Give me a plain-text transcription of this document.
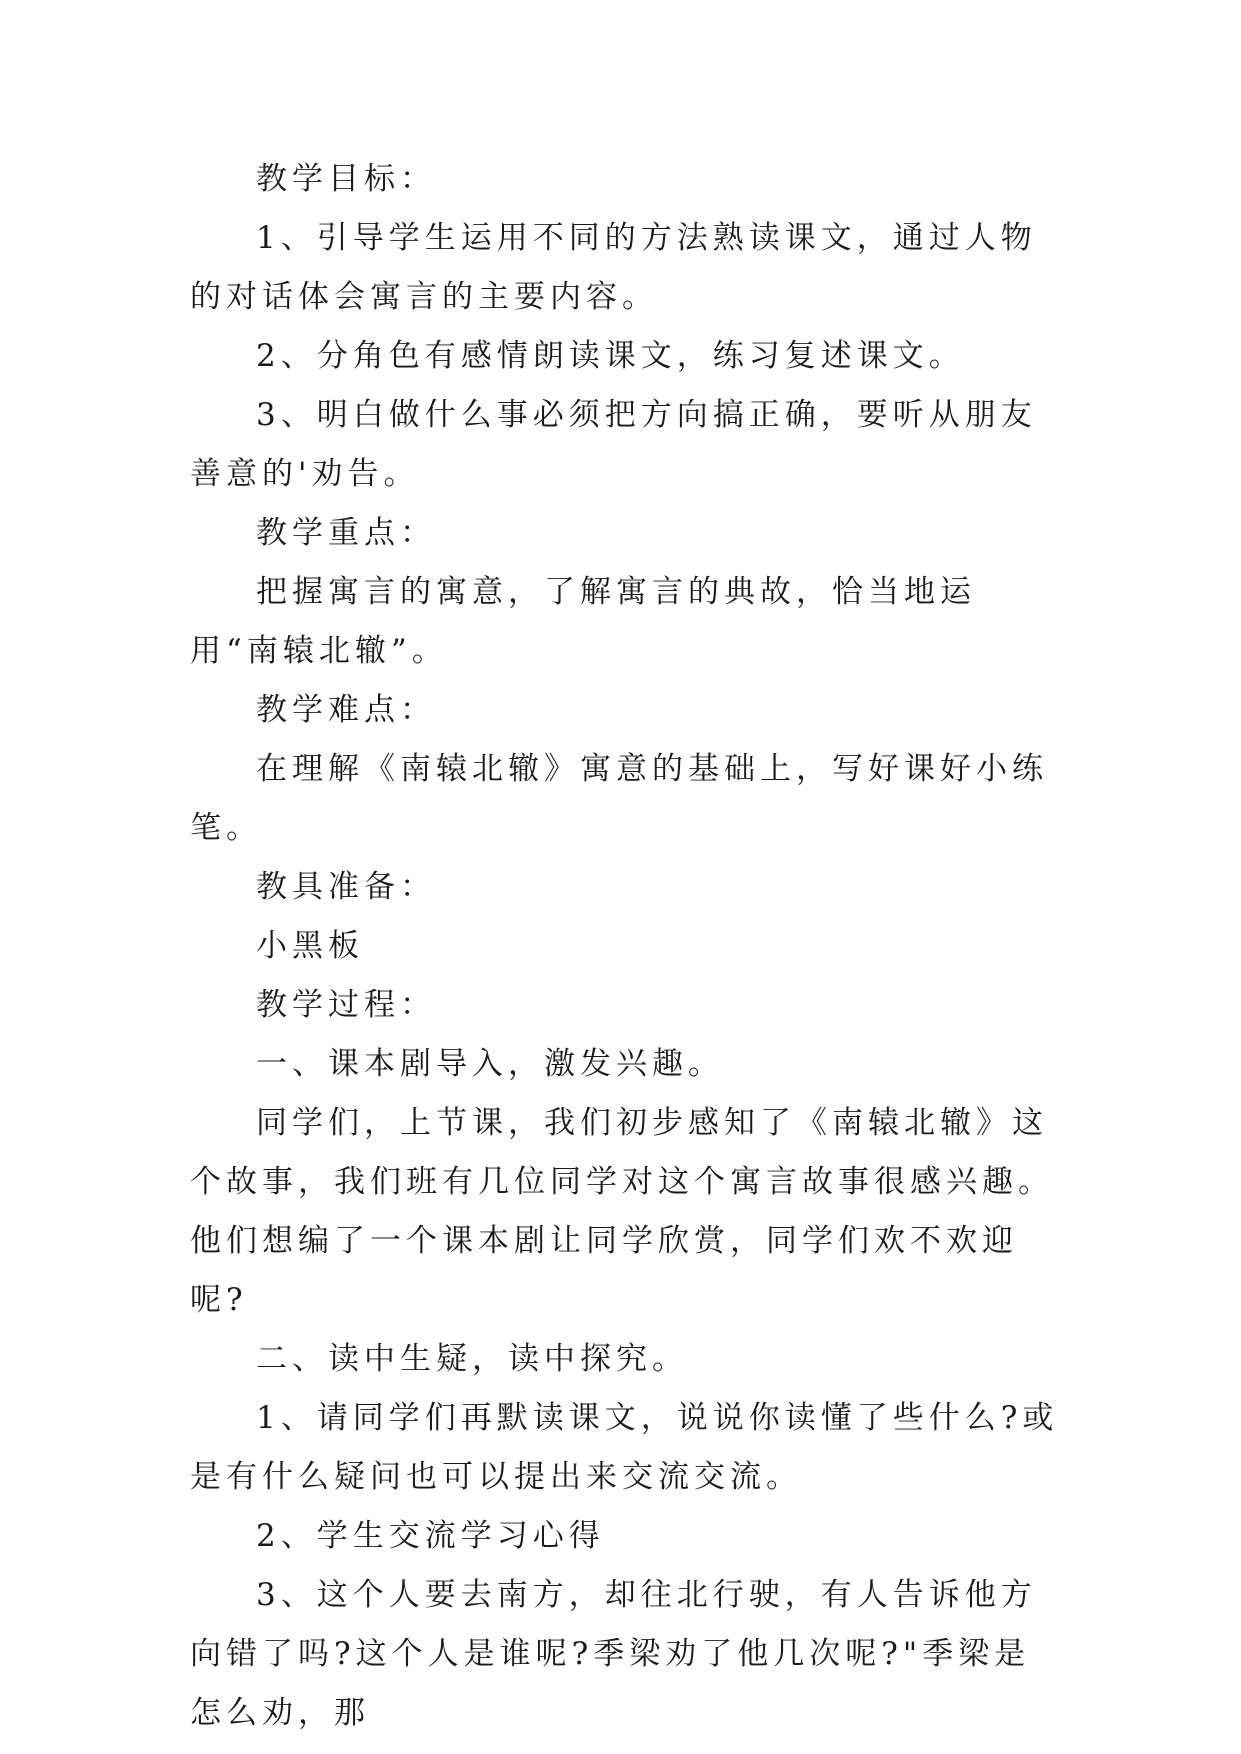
教学目标：

1、引导学生运用不同的方法熟读课文，通过人物的对话体会寓言的主要内容。

2、分角色有感情朗读课文，练习复述课文。

3、明白做什么事必须把方向搞正确，要听从朋友善意的'劝告。

教学重点：

把握寓言的寓意，了解寓言的典故，恰当地运用“南辕北辙”。

教学难点：

在理解《南辕北辙》寓意的基础上，写好课好小练笔。

教具准备：

小黑板

教学过程：

一、课本剧导入，激发兴趣。

同学们，上节课，我们初步感知了《南辕北辙》这个故事，我们班有几位同学对这个寓言故事很感兴趣。他们想编了一个课本剧让同学欣赏，同学们欢不欢迎呢?

二、读中生疑，读中探究。

1、请同学们再默读课文，说说你读懂了些什么?或是有什么疑问也可以提出来交流交流。

2、学生交流学习心得

3、这个人要去南方，却往北行驶，有人告诉他方向错了吗?这个人是谁呢?季梁劝了他几次呢?"季梁是怎么劝，那
